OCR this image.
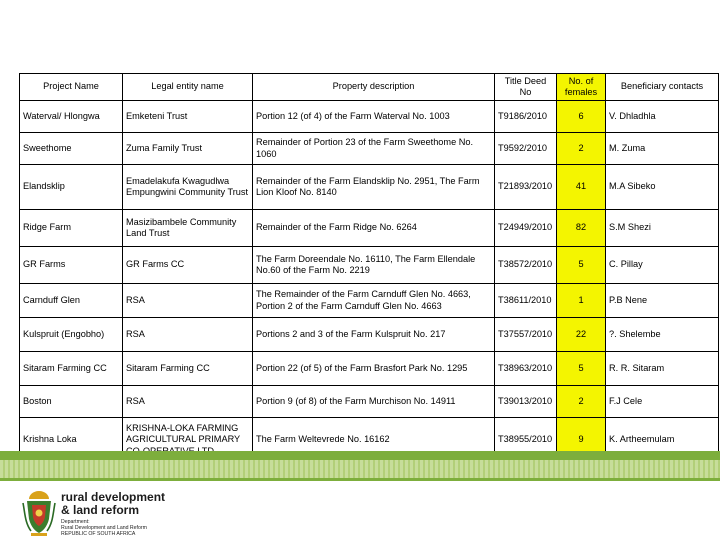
Project Name	Legal entity name	Property description	Title Deed No	No. of females	Beneficiary contacts
Waterval/ Hlongwa	Emketeni Trust	Portion 12 (of 4) of the Farm Waterval No. 1003	T9186/2010	6	V. Dhladhla
Sweethome	Zuma Family Trust	Remainder of Portion 23 of the Farm Sweethome No. 1060	T9592/2010	2	M. Zuma
Elandsklip	Emadelakufa Kwagudlwa Empungwini Community Trust	Remainder of the Farm Elandsklip No. 2951, The Farm Lion Kloof No. 8140	T21893/2010	41	M.A Sibeko
Ridge Farm	Masizibambele Community Land Trust	Remainder of the Farm Ridge No. 6264	T24949/2010	82	S.M Shezi
GR Farms	GR Farms CC	The Farm Doreendale No. 16110, The Farm Ellendale No.60 of the Farm No. 2219	T38572/2010	5	C. Pillay
Carnduff Glen	RSA	The Remainder of the Farm Carnduff Glen No. 4663, Portion 2 of the Farm Carnduff Glen No. 4663	T38611/2010	1	P.B Nene
Kulspruit (Engobho)	RSA	Portions 2 and 3 of the Farm Kulspruit No. 217	T37557/2010	22	?. Shelembe
Sitaram Farming CC	Sitaram Farming CC	Portion 22 (of 5) of the Farm Brasfort Park No. 1295	T38963/2010	5	R. R. Sitaram
Boston	RSA	Portion 9 (of 8) of the Farm Murchison No. 14911	T39013/2010	2	F.J Cele
Krishna Loka	KRISHNA-LOKA FARMING AGRICULTURAL PRIMARY	The Farm Weltevrede No. 16162	T38955/2010	9	K. Artheemulam
rural development
& land reform
Department:
Rural Development and Land Reform
REPUBLIC OF SOUTH AFRICA
